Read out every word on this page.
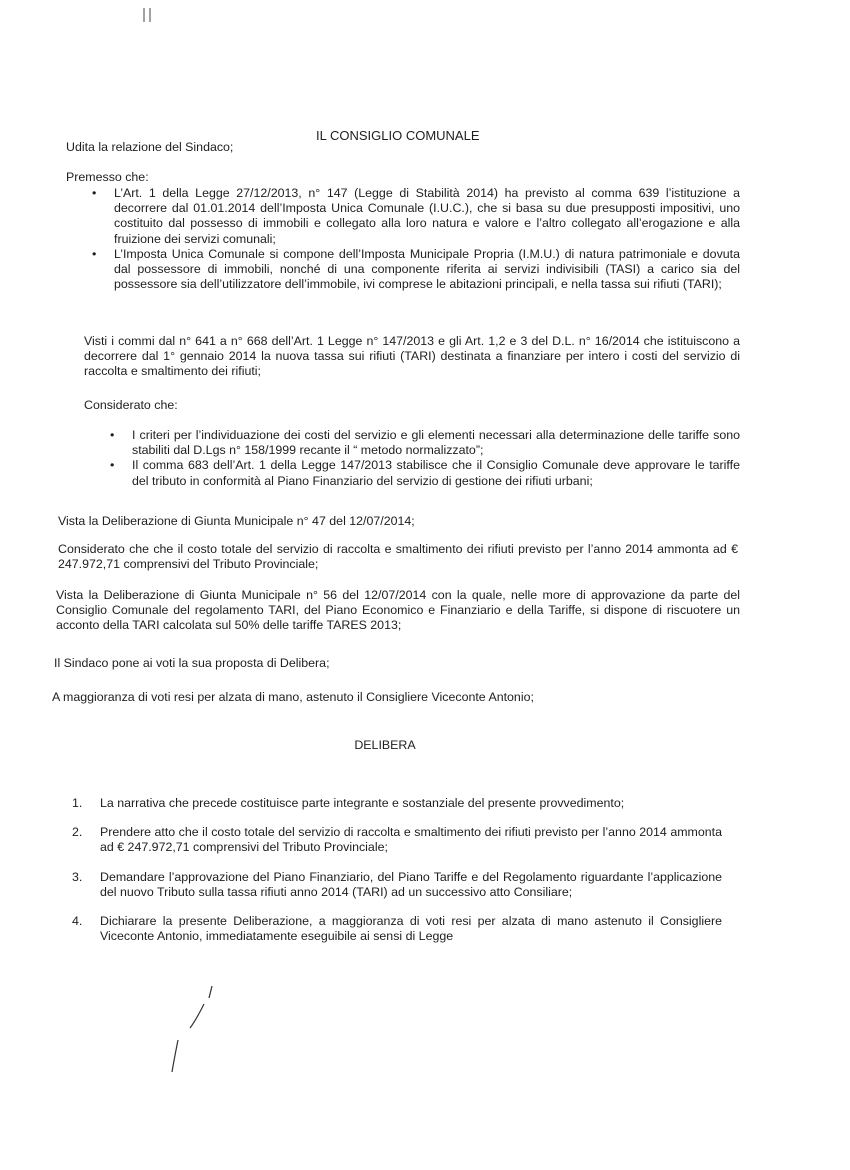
Udita la relazione del Sindaco;
IL CONSIGLIO COMUNALE
Premesso che:
• L’Art. 1 della Legge 27/12/2013, n° 147 (Legge di Stabilità 2014) ha previsto al comma 639 l’istituzione a decorrere dal 01.01.2014 dell’Imposta Unica Comunale (I.U.C.), che si basa su due presupposti impositivi, uno costituito dal possesso di immobili e collegato alla loro natura e valore e l’altro collegato all’erogazione e alla fruizione dei servizi comunali;
• L’Imposta Unica Comunale si compone dell’Imposta Municipale Propria (I.M.U.) di natura patrimoniale e dovuta dal possessore di immobili, nonché di una componente riferita ai servizi indivisibili (TASI) a carico sia del possessore sia dell’utilizzatore dell’immobile, ivi comprese le abitazioni principali, e nella tassa sui rifiuti (TARI);
Visti i commi dal n° 641 a n° 668 dell’Art. 1 Legge n° 147/2013 e gli Art. 1,2 e 3 del D.L. n° 16/2014 che istituiscono a decorrere dal 1° gennaio 2014 la nuova tassa sui rifiuti (TARI) destinata a finanziare per intero i costi del servizio di raccolta e smaltimento dei rifiuti;
Considerato che:
• I criteri per l’individuazione dei costi del servizio e gli elementi necessari alla determinazione delle tariffe sono stabiliti dal D.Lgs n° 158/1999 recante il “ metodo normalizzato”;
• Il comma 683 dell’Art. 1 della Legge 147/2013 stabilisce che il Consiglio Comunale deve approvare le tariffe del tributo in conformità al Piano Finanziario del servizio di gestione dei rifiuti urbani;
Vista la Deliberazione di Giunta Municipale n° 47 del 12/07/2014;
Considerato che che il costo totale del servizio di raccolta e smaltimento dei rifiuti previsto per l’anno 2014 ammonta ad € 247.972,71 comprensivi del Tributo Provinciale;
Vista la Deliberazione di Giunta Municipale n° 56 del 12/07/2014 con la quale, nelle more di approvazione da parte del Consiglio Comunale del regolamento TARI, del Piano Economico e Finanziario e della Tariffe, si dispone di riscuotere un acconto della TARI calcolata sul 50% delle tariffe TARES 2013;
Il Sindaco pone ai voti la sua proposta di Delibera;
A maggioranza di voti resi per alzata di mano, astenuto il Consigliere Viceconte Antonio;
DELIBERA
1. La narrativa che precede costituisce parte integrante e sostanziale del presente provvedimento;
2. Prendere atto che il costo totale del servizio di raccolta e smaltimento dei rifiuti previsto per l’anno 2014 ammonta ad € 247.972,71 comprensivi del Tributo Provinciale;
3. Demandare l’approvazione del Piano Finanziario, del Piano Tariffe e del Regolamento riguardante l’applicazione del nuovo Tributo sulla tassa rifiuti anno 2014 (TARI) ad un successivo atto Consiliare;
4. Dichiarare la presente Deliberazione, a maggioranza di voti resi per alzata di mano astenuto il Consigliere Viceconte Antonio, immediatamente eseguibile ai sensi di Legge
